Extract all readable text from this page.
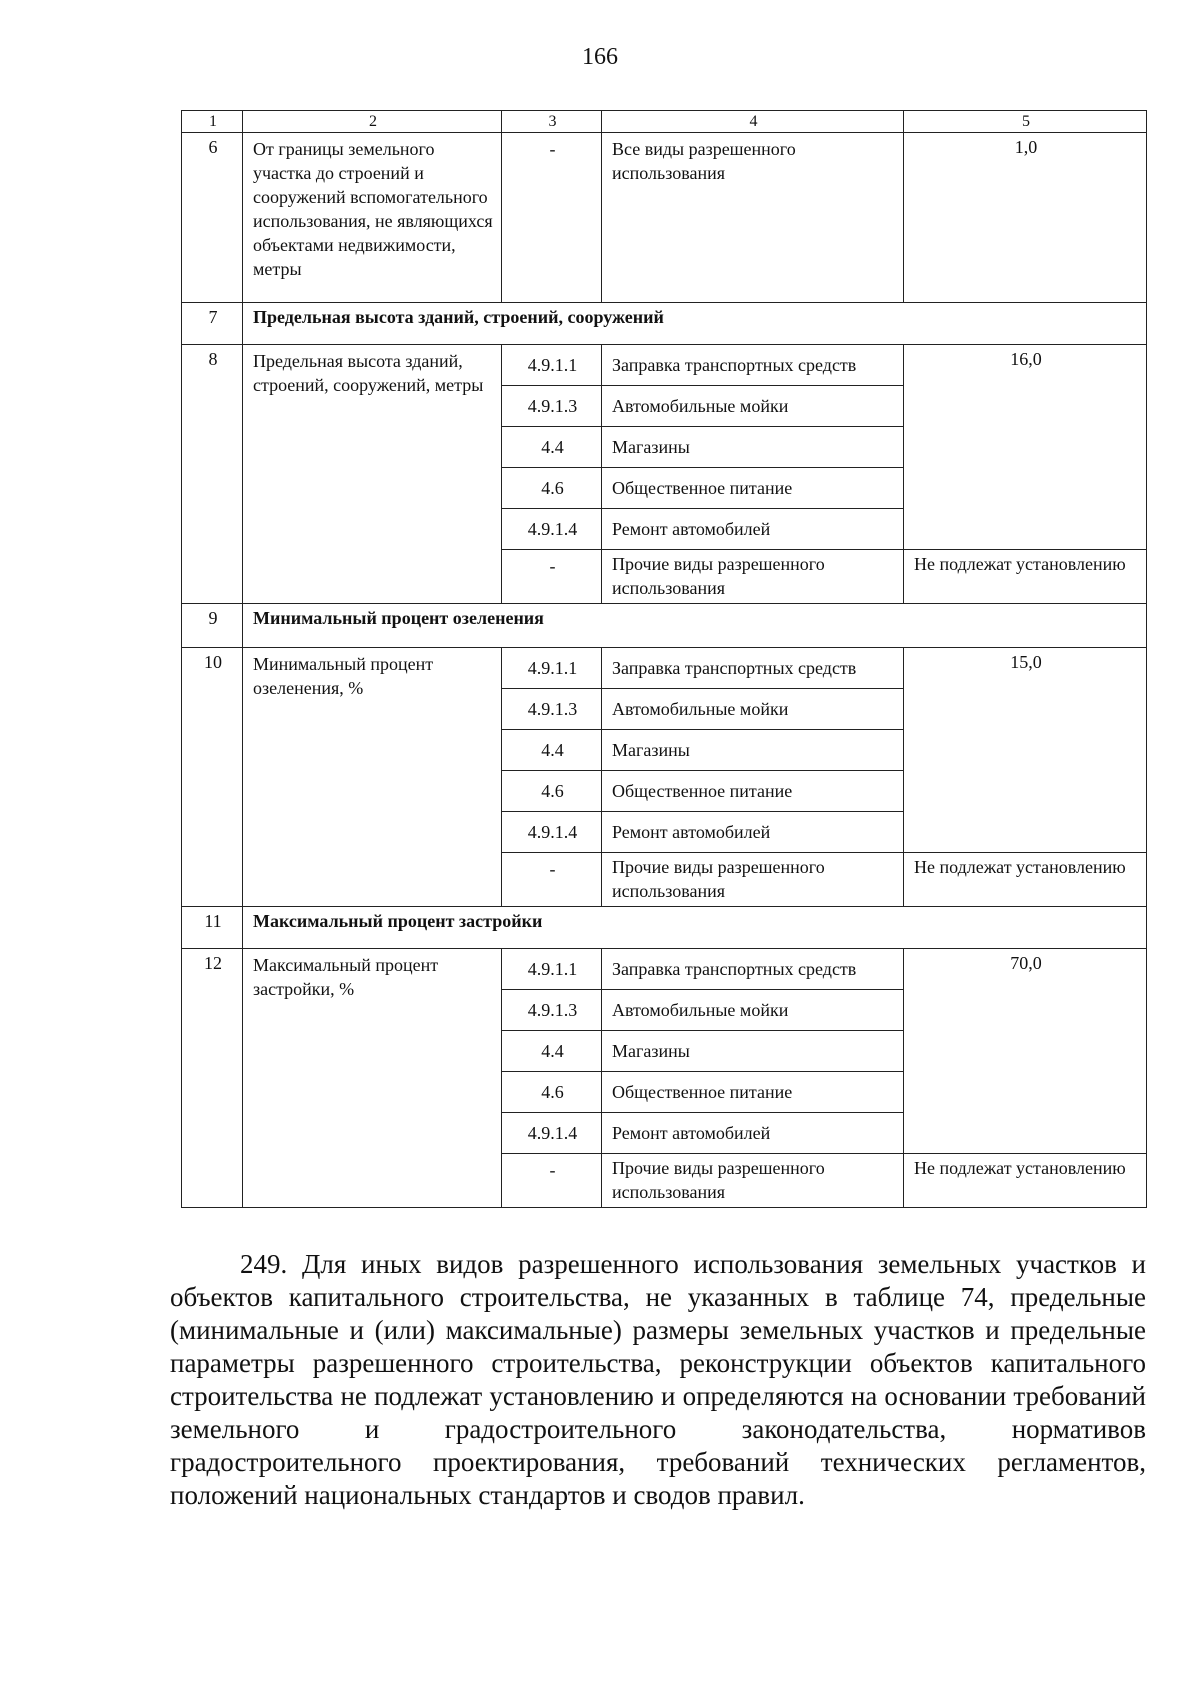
166
1	2	3	4	5
6	От границы земельного участка до строений и сооружений вспомогательного использования, не являющихся объектами недвижимости, метры	-	Все виды разрешенного использования	1,0
7	Предельная высота зданий, строений, сооружений			
8	Предельная высота зданий, строений, сооружений, метры	4.9.1.1	Заправка транспортных средств	16,0
		4.9.1.3	Автомобильные мойки	
		4.4	Магазины	
		4.6	Общественное питание	
		4.9.1.4	Ремонт автомобилей	
		-	Прочие виды разрешенного использования	Не подлежат установлению
9	Минимальный процент озеленения			
10	Минимальный процент озеленения, %	4.9.1.1	Заправка транспортных средств	15,0
		4.9.1.3	Автомобильные мойки	
		4.4	Магазины	
		4.6	Общественное питание	
		4.9.1.4	Ремонт автомобилей	
		-	Прочие виды разрешенного использования	Не подлежат установлению
11	Максимальный процент застройки			
12	Максимальный процент застройки, %	4.9.1.1	Заправка транспортных средств	70,0
		4.9.1.3	Автомобильные мойки	
		4.4	Магазины	
		4.6	Общественное питание	
		4.9.1.4	Ремонт автомобилей	
		-	Прочие виды разрешенного использования	Не подлежат установлению
249. Для иных видов разрешенного использования земельных участков и объектов капитального строительства, не указанных в таблице 74, предельные (минимальные и (или) максимальные) размеры земельных участков и предельные параметры разрешенного строительства, реконструкции объектов капитального строительства не подлежат установлению и определяются на основании требований земельного и градостроительного законодательства, нормативов градостроительного проектирования, требований технических регламентов, положений национальных стандартов и сводов правил.
